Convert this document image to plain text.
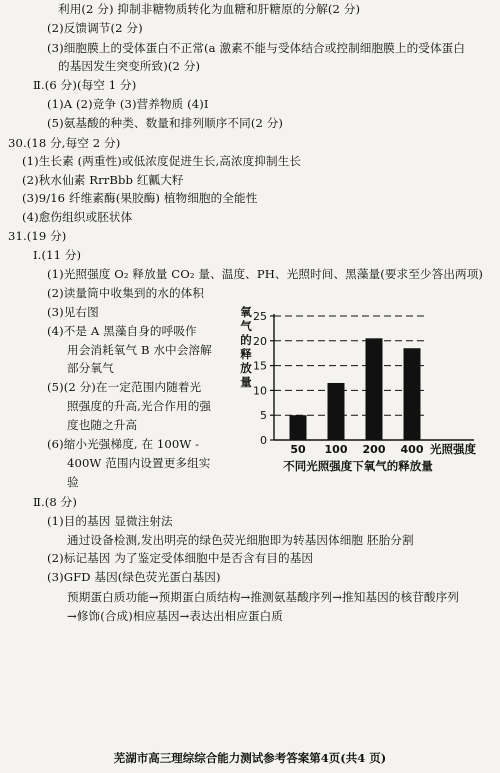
利用(2 分) 抑制非糖物质转化为血糖和肝糖原的分解(2 分)
(2)反馈调节(2 分)
(3)细胞膜上的受体蛋白不正常(a 激素不能与受体结合或控制细胞膜上的受体蛋白
的基因发生突变所致)(2 分)
Ⅱ.(6 分)(每空 1 分)
(1)A (2)竞争 (3)营养物质 (4)Ⅰ
(5)氨基酸的种类、数量和排列顺序不同(2 分)
30.(18 分,每空 2 分)
(1)生长素 (两重性)或低浓度促进生长,高浓度抑制生长
(2)秋水仙素 RrrBbb 红瓤大籽
(3)9/16 纤维素酶(果胶酶) 植物细胞的全能性
(4)愈伤组织或胚状体
31.(19 分)
Ⅰ.(11 分)
(1)光照强度 O₂ 释放量 CO₂ 量、温度、PH、光照时间、黑藻量(要求至少答出两项)
(2)读量筒中收集到的水的体积
(3)见右图
(4)不是 A 黑藻自身的呼吸作
用会消耗氧气 B 水中会溶解
部分氧气
(5)(2 分)在一定范围内随着光
照强度的升高,光合作用的强
度也随之升高
(6)缩小光强梯度, 在 100W -
400W 范围内设置更多组实
验
Ⅱ.(8 分)
(1)目的基因 显微注射法
通过设备检测,发出明亮的绿色荧光细胞即为转基因体细胞 胚胎分割
(2)标记基因 为了鉴定受体细胞中是否含有目的基因
(3)GFD 基因(绿色荧光蛋白基因)
预期蛋白质功能→预期蛋白质结构→推测氨基酸序列→推知基因的核苷酸序列
→修饰(合成)相应基因→表达出相应蛋白质
氧
气
的
释
放
量
0
5
10
15
20
25
50 100 200 400 光照强度
不同光照强度下氧气的释放量
芜湖市高三理综综合能力测试参考答案第4页(共4 页)
